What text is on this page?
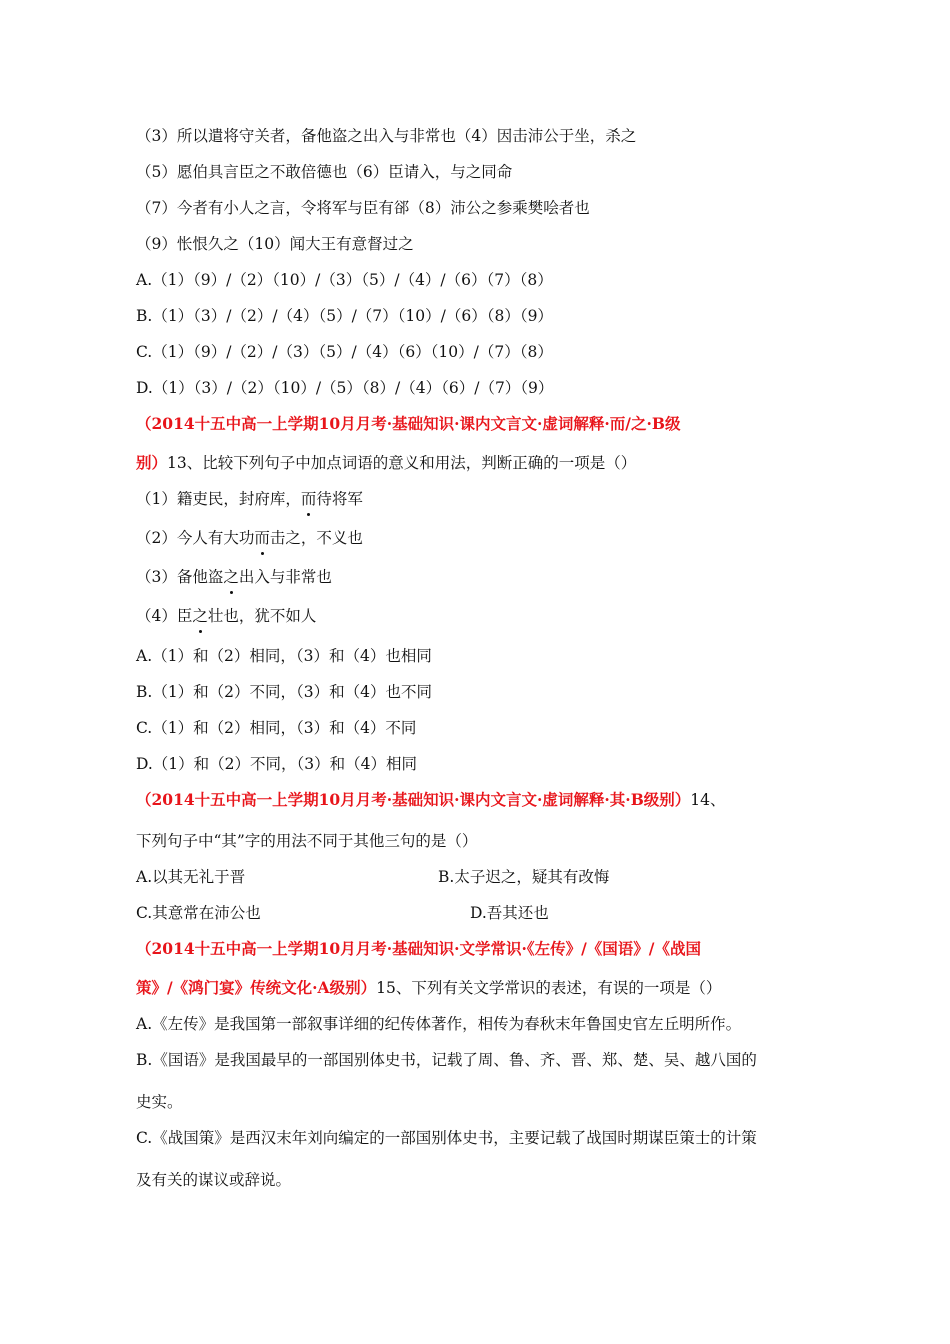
（3）所以遣将守关者，备他盗之出入与非常也（4）因击沛公于坐，杀之
（5）愿伯具言臣之不敢倍德也（6）臣请入，与之同命
（7）今者有小人之言，令将军与臣有郤（8）沛公之参乘樊哙者也
（9）怅恨久之（10）闻大王有意督过之
A.（1）（9）/（2）（10）/（3）（5）/（4）/（6）（7）（8）
B.（1）（3）/（2）/（4）（5）/（7）（10）/（6）（8）（9）
C.（1）（9）/（2）/（3）（5）/（4）（6）（10）/（7）（8）
D.（1）（3）/（2）（10）/（5）（8）/（4）（6）/（7）（9）
（2014十五中高一上学期10月月考·基础知识·课内文言文·虚词解释·而/之·B级
别）13、比较下列句子中加点词语的意义和用法，判断正确的一项是（）
（1）籍吏民，封府库，而待将军
（2）今人有大功而击之，不义也
（3）备他盗之出入与非常也
（4）臣之壮也，犹不如人
A.（1）和（2）相同，（3）和（4）也相同
B.（1）和（2）不同，（3）和（4）也不同
C.（1）和（2）相同，（3）和（4）不同
D.（1）和（2）不同，（3）和（4）相同
（2014十五中高一上学期10月月考·基础知识·课内文言文·虚词解释·其·B级别）14、
下列句子中“其”字的用法不同于其他三句的是（）
A.以其无礼于晋	B.太子迟之，疑其有改悔
C.其意常在沛公也	D.吾其还也
（2014十五中高一上学期10月月考·基础知识·文学常识·《左传》/《国语》/《战国
策》/《鸿门宴》传统文化·A级别）15、下列有关文学常识的表述，有误的一项是（）
A.《左传》是我国第一部叙事详细的纪传体著作，相传为春秋末年鲁国史官左丘明所作。
B.《国语》是我国最早的一部国别体史书，记载了周、鲁、齐、晋、郑、楚、吴、越八国的
史实。
C.《战国策》是西汉末年刘向编定的一部国别体史书，主要记载了战国时期谋臣策士的计策
及有关的谋议或辞说。
